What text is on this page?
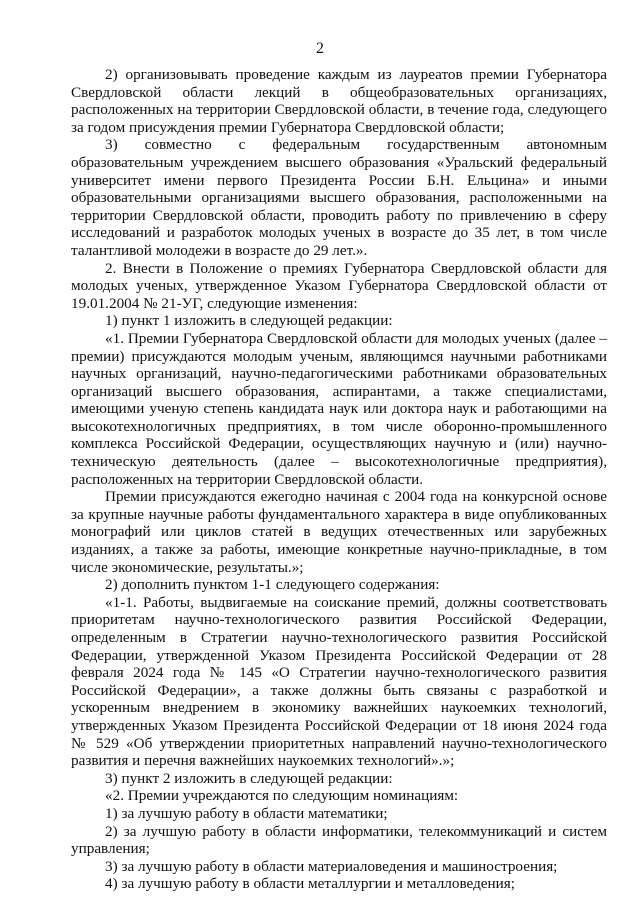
2

2) организовывать проведение каждым из лауреатов премии Губернатора Свердловской области лекций в общеобразовательных организациях, расположенных на территории Свердловской области, в течение года, следующего за годом присуждения премии Губернатора Свердловской области;

3) совместно с федеральным государственным автономным образовательным учреждением высшего образования «Уральский федеральный университет имени первого Президента России Б.Н. Ельцина» и иными образовательными организациями высшего образования, расположенными на территории Свердловской области, проводить работу по привлечению в сферу исследований и разработок молодых ученых в возрасте до 35 лет, в том числе талантливой молодежи в возрасте до 29 лет.».

2. Внести в Положение о премиях Губернатора Свердловской области для молодых ученых, утвержденное Указом Губернатора Свердловской области от 19.01.2004 № 21-УГ, следующие изменения:

1) пункт 1 изложить в следующей редакции:

«1. Премии Губернатора Свердловской области для молодых ученых (далее – премии) присуждаются молодым ученым, являющимся научными работниками научных организаций, научно-педагогическими работниками образовательных организаций высшего образования, аспирантами, а также специалистами, имеющими ученую степень кандидата наук или доктора наук и работающими на высокотехнологичных предприятиях, в том числе оборонно-промышленного комплекса Российской Федерации, осуществляющих научную и (или) научно-техническую деятельность (далее – высокотехнологичные предприятия), расположенных на территории Свердловской области.

Премии присуждаются ежегодно начиная с 2004 года на конкурсной основе за крупные научные работы фундаментального характера в виде опубликованных монографий или циклов статей в ведущих отечественных или зарубежных изданиях, а также за работы, имеющие конкретные научно-прикладные, в том числе экономические, результаты.»;

2) дополнить пунктом 1-1 следующего содержания:

«1-1. Работы, выдвигаемые на соискание премий, должны соответствовать приоритетам научно-технологического развития Российской Федерации, определенным в Стратегии научно-технологического развития Российской Федерации, утвержденной Указом Президента Российской Федерации от 28 февраля 2024 года № 145 «О Стратегии научно-технологического развития Российской Федерации», а также должны быть связаны с разработкой и ускоренным внедрением в экономику важнейших наукоемких технологий, утвержденных Указом Президента Российской Федерации от 18 июня 2024 года № 529 «Об утверждении приоритетных направлений научно-технологического развития и перечня важнейших наукоемких технологий».»;

3) пункт 2 изложить в следующей редакции:

«2. Премии учреждаются по следующим номинациям:

1) за лучшую работу в области математики;

2) за лучшую работу в области информатики, телекоммуникаций и систем управления;

3) за лучшую работу в области материаловедения и машиностроения;

4) за лучшую работу в области металлургии и металловедения;
